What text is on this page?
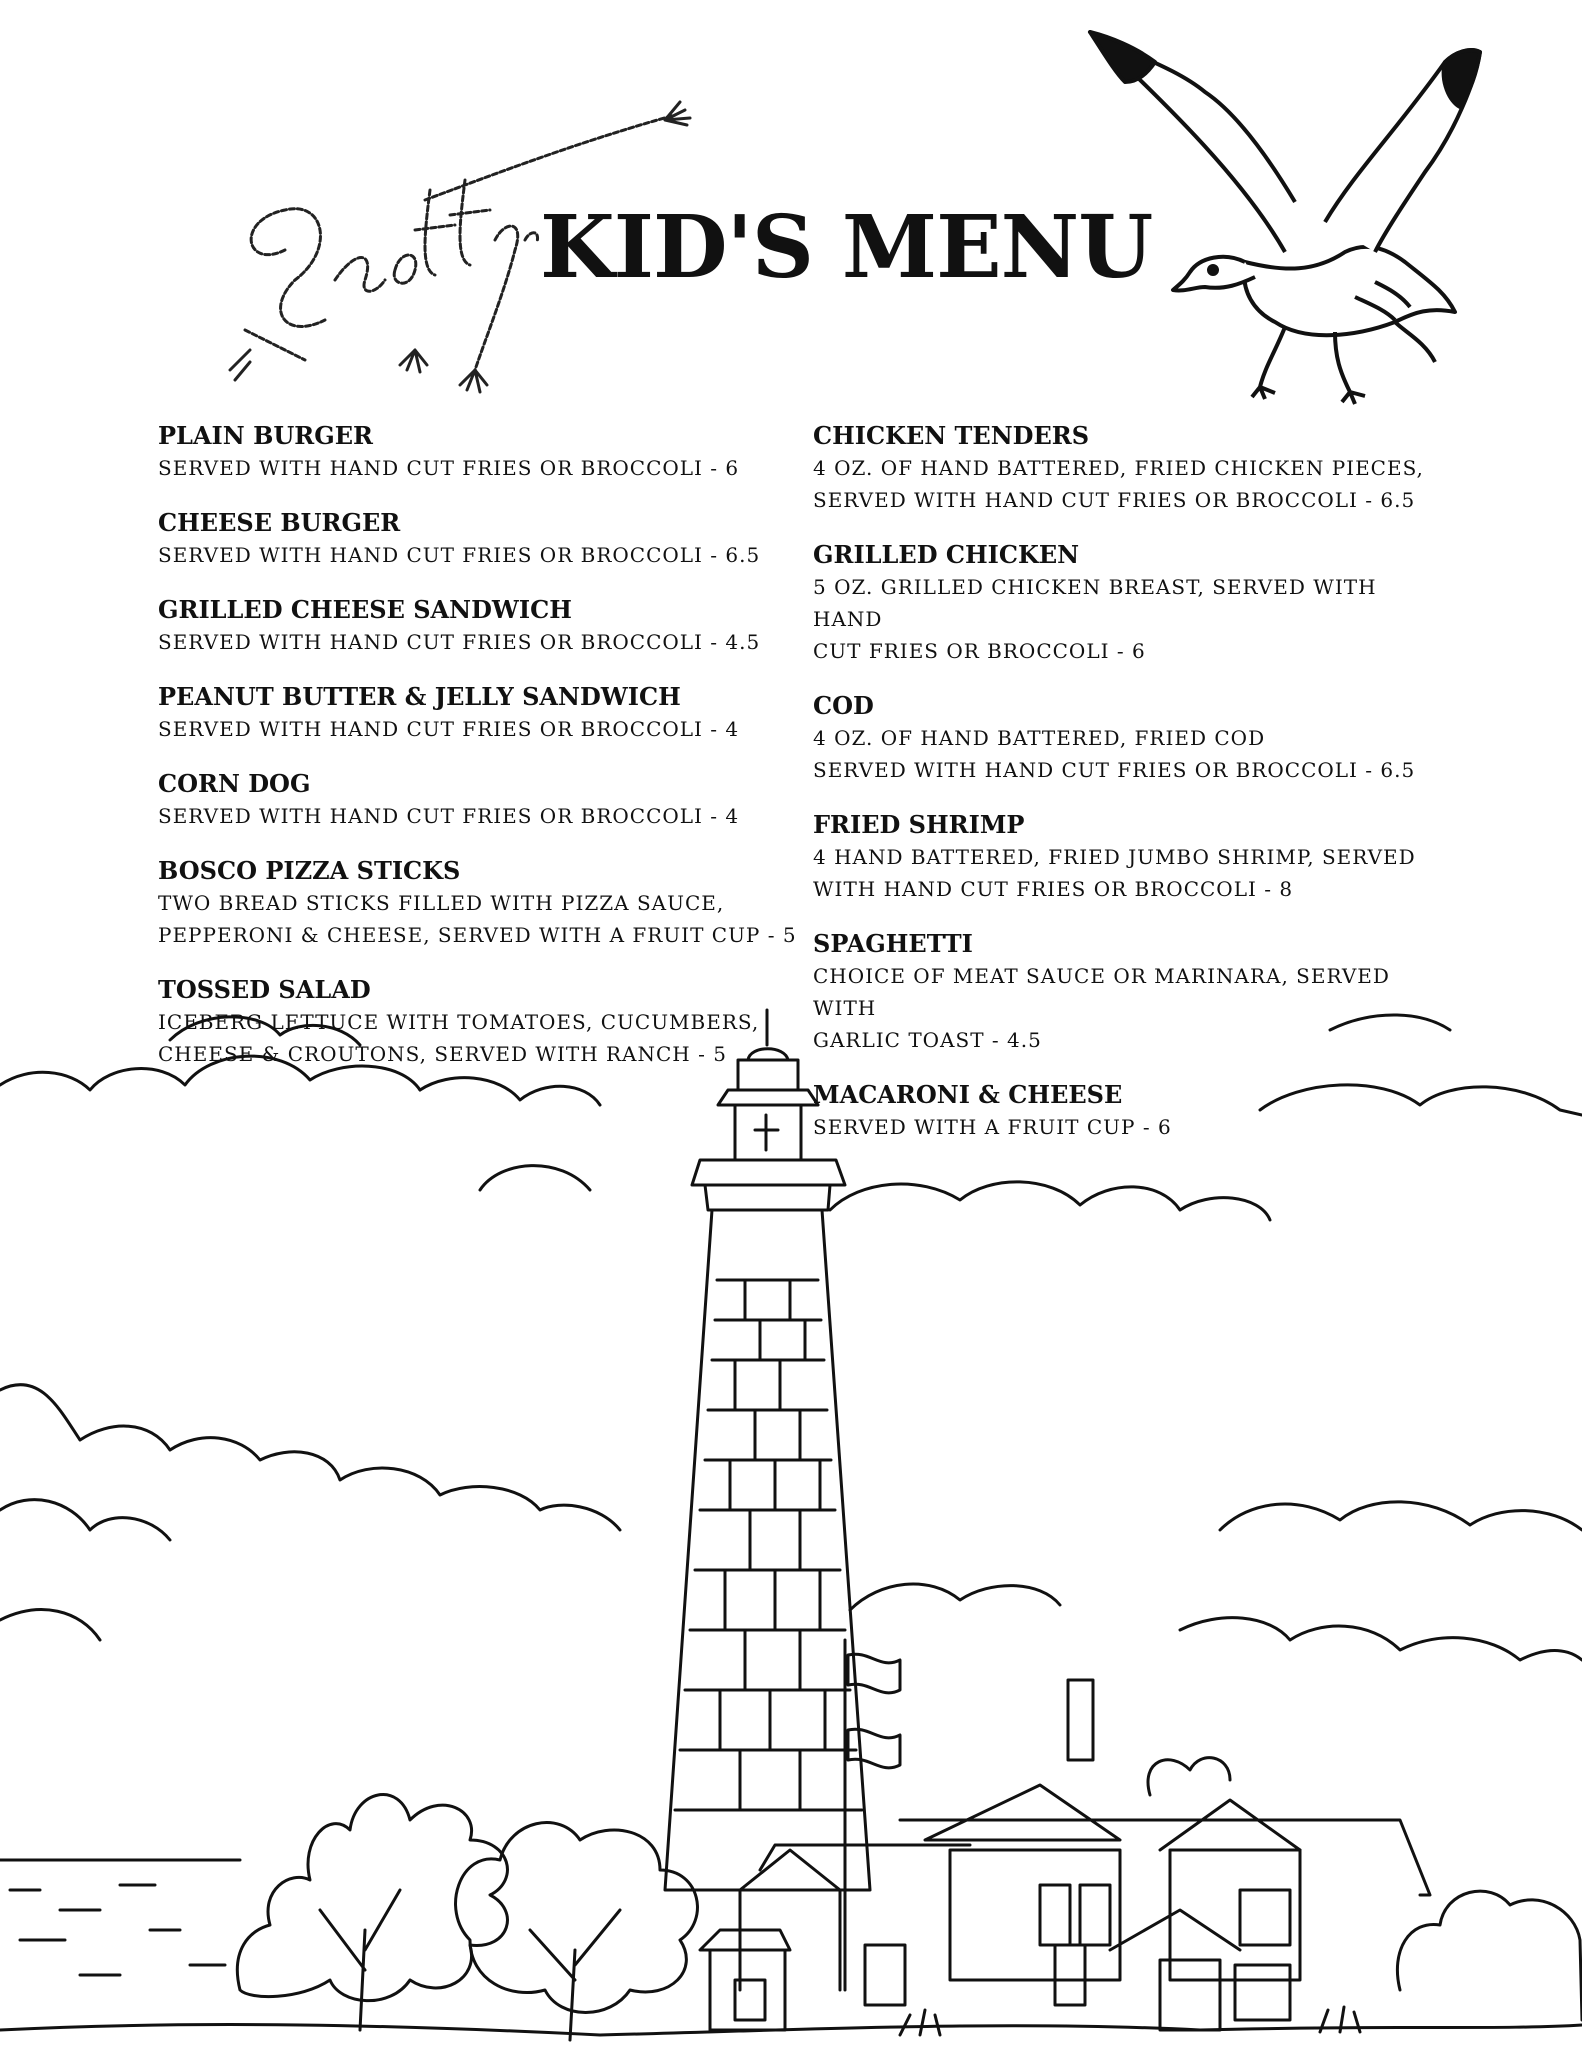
KID'S MENU
PLAIN BURGER
SERVED WITH HAND CUT FRIES OR BROCCOLI - 6
CHEESE BURGER
SERVED WITH HAND CUT FRIES OR BROCCOLI - 6.5
GRILLED CHEESE SANDWICH
SERVED WITH HAND CUT FRIES OR BROCCOLI - 4.5
PEANUT BUTTER & JELLY SANDWICH
SERVED WITH HAND CUT FRIES OR BROCCOLI - 4
CORN DOG
SERVED WITH HAND CUT FRIES OR BROCCOLI - 4
BOSCO PIZZA STICKS
TWO BREAD STICKS FILLED WITH PIZZA SAUCE,
PEPPERONI & CHEESE, SERVED WITH A FRUIT CUP - 5
TOSSED SALAD
ICEBERG LETTUCE WITH TOMATOES, CUCUMBERS,
CHEESE & CROUTONS, SERVED WITH RANCH - 5
CHICKEN TENDERS
4 OZ. OF HAND BATTERED, FRIED CHICKEN PIECES,
SERVED WITH HAND CUT FRIES OR BROCCOLI - 6.5
GRILLED CHICKEN
5 OZ. GRILLED CHICKEN BREAST, SERVED WITH HAND
CUT FRIES OR BROCCOLI - 6
COD
4 OZ. OF HAND BATTERED, FRIED COD
SERVED WITH HAND CUT FRIES OR BROCCOLI - 6.5
FRIED SHRIMP
4 HAND BATTERED, FRIED JUMBO SHRIMP, SERVED
WITH HAND CUT FRIES OR BROCCOLI - 8
SPAGHETTI
CHOICE OF MEAT SAUCE OR MARINARA, SERVED WITH
GARLIC TOAST - 4.5
MACARONI & CHEESE
SERVED WITH A FRUIT CUP - 6
